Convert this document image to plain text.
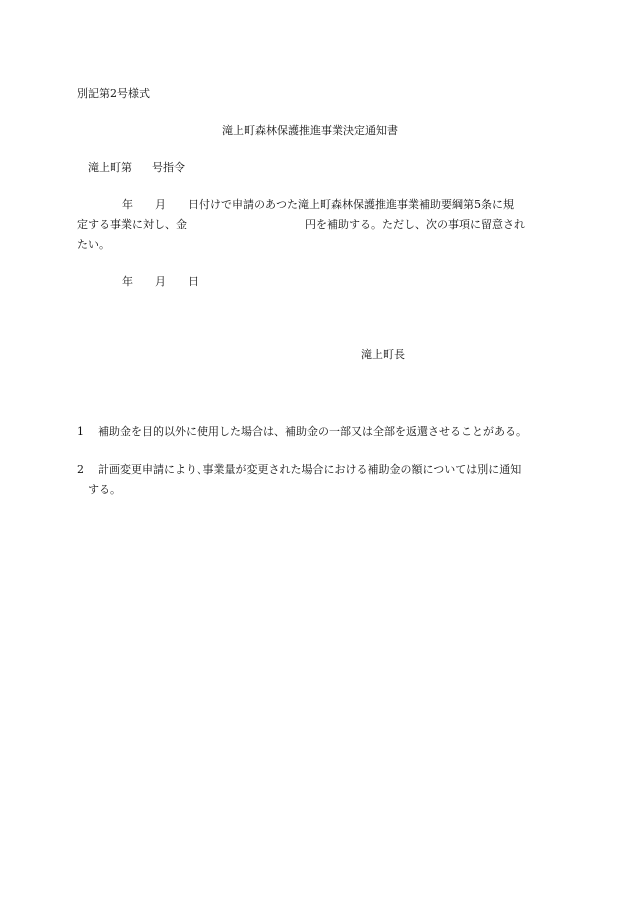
別記第2号様式
滝上町森林保護推進事業決定通知書
滝上町第 号指令
年 月 日付けで申請のあつた滝上町森林保護推進事業補助要綱第5条に規
定する事業に対し、金	円を補助する。ただし、次の事項に留意され
たい。
年 月 日
滝上町長
1 補助金を目的以外に使用した場合は、補助金の一部又は全部を返還させることがある。
2 計画変更申請により､事業量が変更された場合における補助金の額については別に通知
する。
